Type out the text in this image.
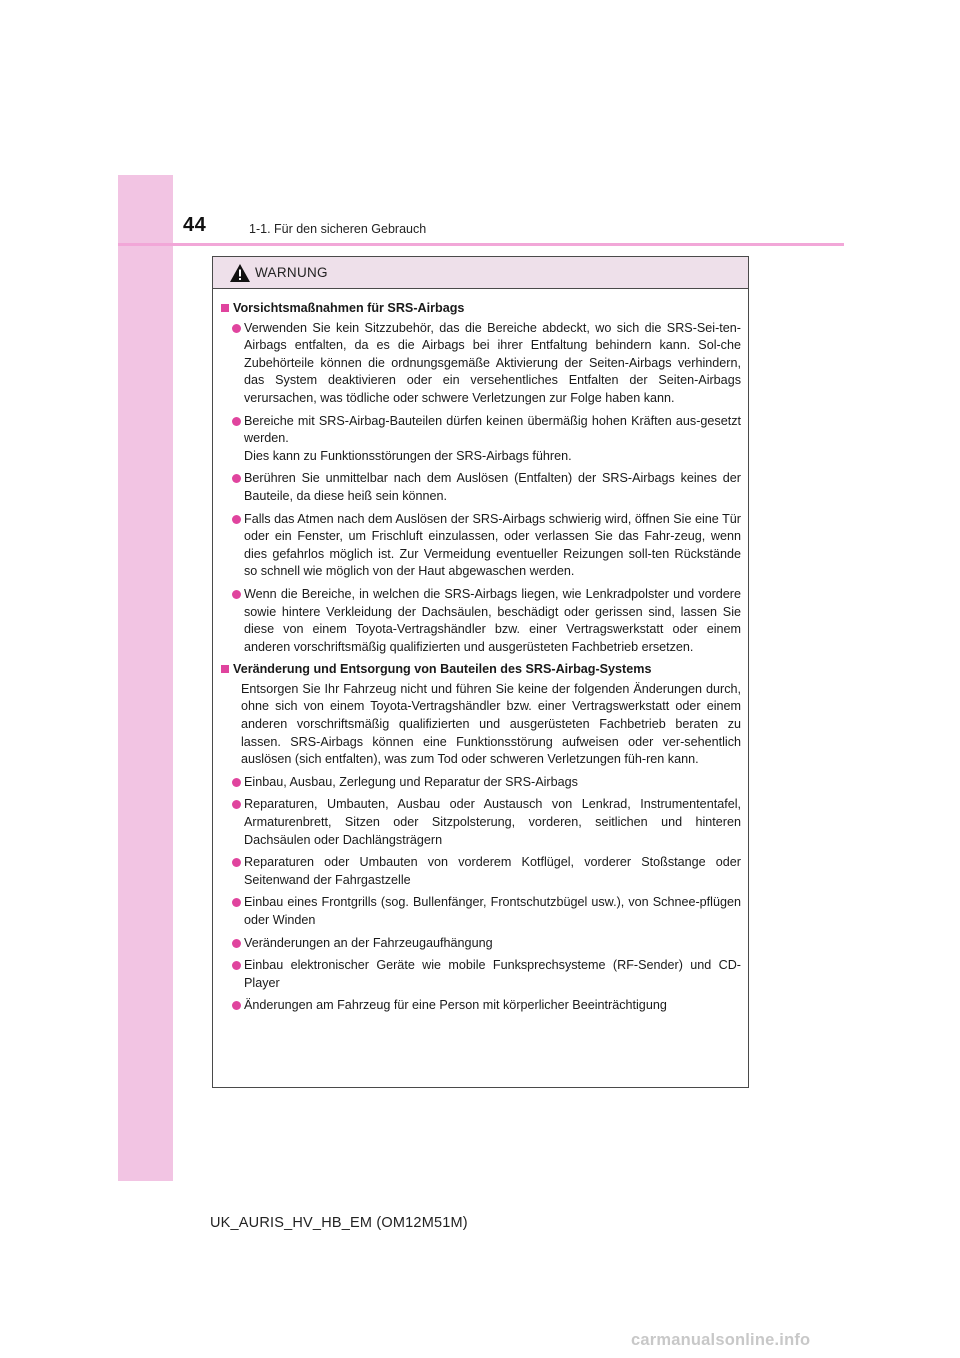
44	1-1. Für den sicheren Gebrauch
WARNUNG
Vorsichtsmaßnahmen für SRS-Airbags

Verwenden Sie kein Sitzzubehör, das die Bereiche abdeckt, wo sich die SRS-Sei-ten-Airbags entfalten, da es die Airbags bei ihrer Entfaltung behindern kann. Sol-che Zubehörteile können die ordnungsgemäße Aktivierung der Seiten-Airbags verhindern, das System deaktivieren oder ein versehentliches Entfalten der Seiten-Airbags verursachen, was tödliche oder schwere Verletzungen zur Folge haben kann.

Bereiche mit SRS-Airbag-Bauteilen dürfen keinen übermäßig hohen Kräften aus-gesetzt werden.

Dies kann zu Funktionsstörungen der SRS-Airbags führen.

Berühren Sie unmittelbar nach dem Auslösen (Entfalten) der SRS-Airbags keines der Bauteile, da diese heiß sein können.

Falls das Atmen nach dem Auslösen der SRS-Airbags schwierig wird, öffnen Sie eine Tür oder ein Fenster, um Frischluft einzulassen, oder verlassen Sie das Fahr-zeug, wenn dies gefahrlos möglich ist. Zur Vermeidung eventueller Reizungen soll-ten Rückstände so schnell wie möglich von der Haut abgewaschen werden.

Wenn die Bereiche, in welchen die SRS-Airbags liegen, wie Lenkradpolster und vordere sowie hintere Verkleidung der Dachsäulen, beschädigt oder gerissen sind, lassen Sie diese von einem Toyota-Vertragshändler bzw. einer Vertragswerkstatt oder einem anderen vorschriftsmäßig qualifizierten und ausgerüsteten Fachbetrieb ersetzen.

Veränderung und Entsorgung von Bauteilen des SRS-Airbag-Systems
Entsorgen Sie Ihr Fahrzeug nicht und führen Sie keine der folgenden Änderungen durch, ohne sich von einem Toyota-Vertragshändler bzw. einer Vertragswerkstatt oder einem anderen vorschriftsmäßig qualifizierten und ausgerüsteten Fachbetrieb beraten zu lassen. SRS-Airbags können eine Funktionsstörung aufweisen oder ver-sehentlich auslösen (sich entfalten), was zum Tod oder schweren Verletzungen füh-ren kann.

Einbau, Ausbau, Zerlegung und Reparatur der SRS-Airbags

Reparaturen, Umbauten, Ausbau oder Austausch von Lenkrad, Instrumententafel, Armaturenbrett, Sitzen oder Sitzpolsterung, vorderen, seitlichen und hinteren Dachsäulen oder Dachlängsträgern

Reparaturen oder Umbauten von vorderem Kotflügel, vorderer Stoßstange oder Seitenwand der Fahrgastzelle

Einbau eines Frontgrills (sog. Bullenfänger, Frontschutzbügel usw.), von Schnee-pflügen oder Winden

Veränderungen an der Fahrzeugaufhängung

Einbau elektronischer Geräte wie mobile Funksprechsysteme (RF-Sender) und CD-Player

Änderungen am Fahrzeug für eine Person mit körperlicher Beeinträchtigung

UK_AURIS_HV_HB_EM (OM12M51M)
carmanualsonline.info
